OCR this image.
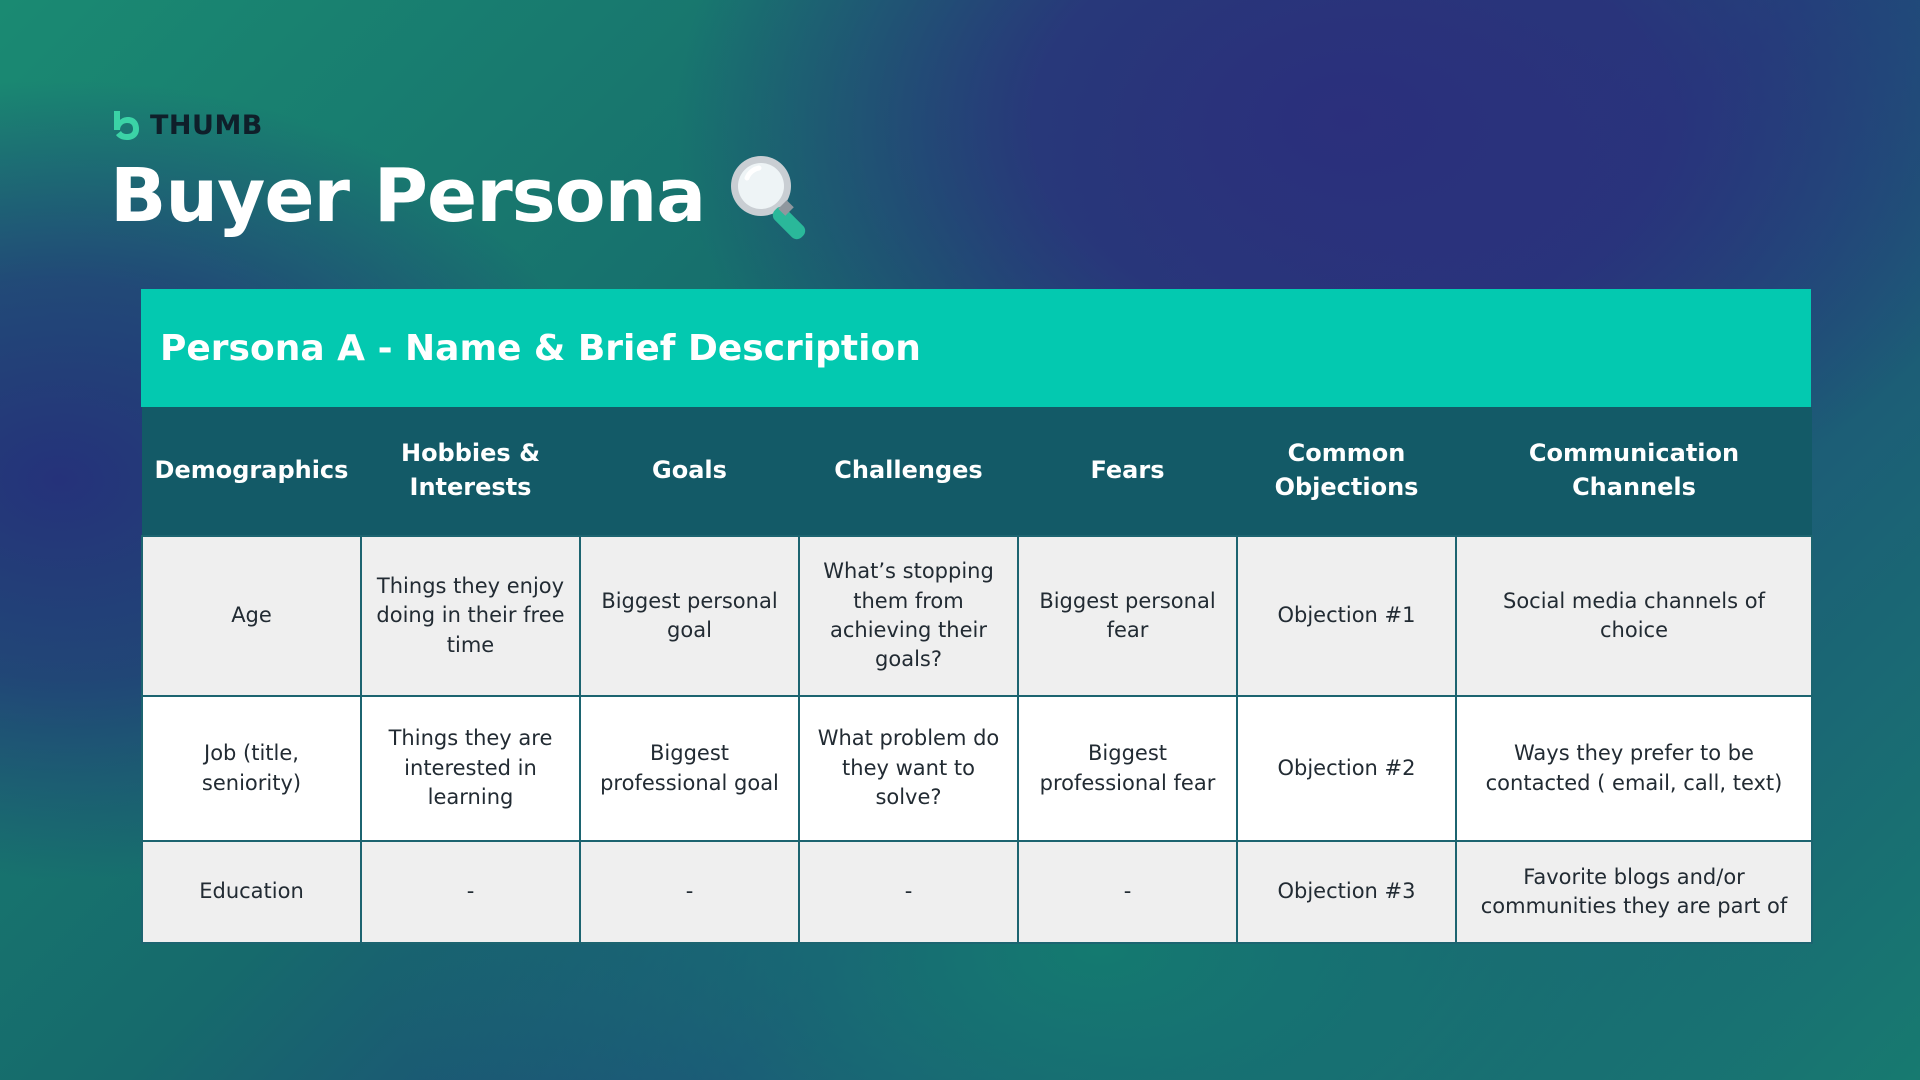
THUMB
Buyer Persona
Persona A - Name & Brief Description
Demographics	Hobbies & Interests	Goals	Challenges	Fears	Common Objections	Communication Channels
Age	Things they enjoy doing in their free time	Biggest personal goal	What’s stopping them from achieving their goals?	Biggest personal fear	Objection #1	Social media channels of choice
Job (title, seniority)	Things they are interested in learning	Biggest professional goal	What problem do they want to solve?	Biggest professional fear	Objection #2	Ways they prefer to be contacted ( email, call, text)
Education	-	-	-	-	Objection #3	Favorite blogs and/or communities they are part of
